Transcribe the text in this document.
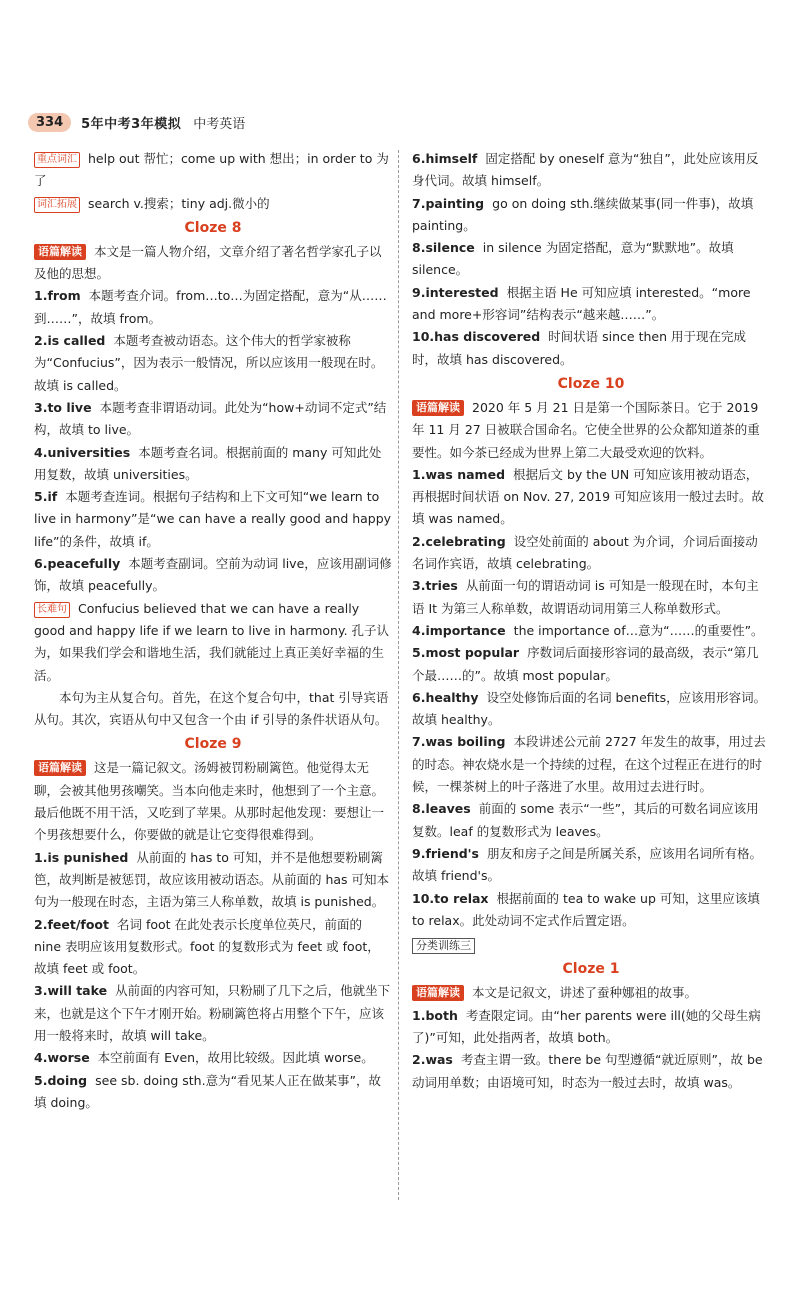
334	5年中考3年模拟 中考英语

重点词汇 help out 帮忙；come up with 想出；in order to 为了

词汇拓展 search v.搜索；tiny adj.微小的

Cloze 8

语篇解读 本文是一篇人物介绍，文章介绍了著名哲学家孔子以及他的思想。

1.from 本题考查介词。from…to…为固定搭配，意为“从……到……”，故填 from。

2.is called 本题考查被动语态。这个伟大的哲学家被称为“Confucius”，因为表示一般情况，所以应该用一般现在时。故填 is called。

3.to live 本题考查非谓语动词。此处为“how+动词不定式”结构，故填 to live。

4.universities 本题考查名词。根据前面的 many 可知此处用复数，故填 universities。

5.if 本题考查连词。根据句子结构和上下文可知“we learn to live in harmony”是“we can have a really good and happy life”的条件，故填 if。

6.peacefully 本题考查副词。空前为动词 live，应该用副词修饰，故填 peacefully。

长难句 Confucius believed that we can have a really good and happy life if we learn to live in harmony. 孔子认为，如果我们学会和谐地生活，我们就能过上真正美好幸福的生活。

本句为主从复合句。首先，在这个复合句中，that 引导宾语从句。其次，宾语从句中又包含一个由 if 引导的条件状语从句。

Cloze 9

语篇解读 这是一篇记叙文。汤姆被罚粉刷篱笆。他觉得太无聊，会被其他男孩嘲笑。当本向他走来时，他想到了一个主意。最后他既不用干活，又吃到了苹果。从那时起他发现：要想让一个男孩想要什么，你要做的就是让它变得很难得到。

1.is punished 从前面的 has to 可知，并不是他想要粉刷篱笆，故判断是被惩罚，故应该用被动语态。从前面的 has 可知本句为一般现在时态，主语为第三人称单数，故填 is punished。

2.feet/foot 名词 foot 在此处表示长度单位英尺，前面的 nine 表明应该用复数形式。foot 的复数形式为 feet 或 foot，故填 feet 或 foot。

3.will take 从前面的内容可知，只粉刷了几下之后，他就坐下来，也就是这个下午才刚开始。粉刷篱笆将占用整个下午，应该用一般将来时，故填 will take。

4.worse 本空前面有 Even，故用比较级。因此填 worse。

5.doing see sb. doing sth.意为“看见某人正在做某事”，故填 doing。

6.himself 固定搭配 by oneself 意为“独自”，此处应该用反身代词。故填 himself。

7.painting go on doing sth.继续做某事(同一件事)，故填 painting。

8.silence in silence 为固定搭配，意为“默默地”。故填 silence。

9.interested 根据主语 He 可知应填 interested。“more and more+形容词”结构表示“越来越……”。

10.has discovered 时间状语 since then 用于现在完成时，故填 has discovered。

Cloze 10

语篇解读 2020 年 5 月 21 日是第一个国际茶日。它于 2019 年 11 月 27 日被联合国命名。它使全世界的公众都知道茶的重要性。如今茶已经成为世界上第二大最受欢迎的饮料。

1.was named 根据后文 by the UN 可知应该用被动语态，再根据时间状语 on Nov. 27, 2019 可知应该用一般过去时。故填 was named。

2.celebrating 设空处前面的 about 为介词，介词后面接动名词作宾语，故填 celebrating。

3.tries 从前面一句的谓语动词 is 可知是一般现在时，本句主语 It 为第三人称单数，故谓语动词用第三人称单数形式。

4.importance the importance of…意为“……的重要性”。

5.most popular 序数词后面接形容词的最高级，表示“第几个最……的”。故填 most popular。

6.healthy 设空处修饰后面的名词 benefits，应该用形容词。故填 healthy。

7.was boiling 本段讲述公元前 2727 年发生的故事，用过去的时态。神农烧水是一个持续的过程，在这个过程正在进行的时候，一棵茶树上的叶子落进了水里。故用过去进行时。

8.leaves 前面的 some 表示“一些”，其后的可数名词应该用复数。leaf 的复数形式为 leaves。

9.friend's 朋友和房子之间是所属关系，应该用名词所有格。故填 friend's。

10.to relax 根据前面的 tea to wake up 可知，这里应该填 to relax。此处动词不定式作后置定语。

分类训练三
Cloze 1

语篇解读 本文是记叙文，讲述了蚕种娜祖的故事。

1.both 考查限定词。由“her parents were ill(她的父母生病了)”可知，此处指两者，故填 both。

2.was 考查主谓一致。there be 句型遵循“就近原则”，故 be 动词用单数；由语境可知，时态为一般过去时，故填 was。
